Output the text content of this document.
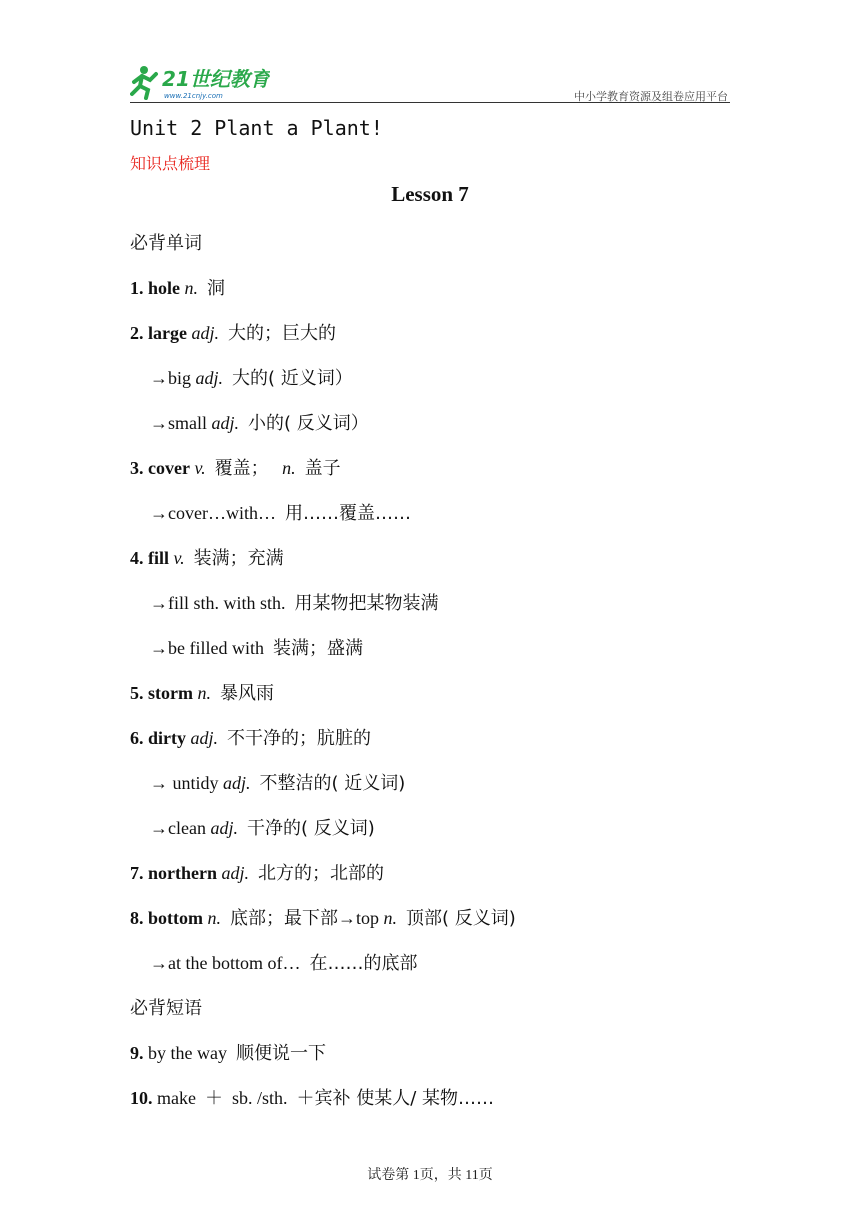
21世纪教育
www.21cnjy.com	中小学教育资源及组卷应用平台
Unit 2 Plant a Plant!
知识点梳理
Lesson 7
必背单词
1. hole n. 洞
2. large adj. 大的；巨大的
→big adj. 大的( 近义词）
→small adj. 小的( 反义词）
3. cover v. 覆盖； n. 盖子
→cover…with… 用……覆盖……
4. fill v. 装满；充满
→fill sth. with sth. 用某物把某物装满
→be filled with 装满；盛满
5. storm n. 暴风雨
6. dirty adj. 不干净的；肮脏的
→ untidy adj. 不整洁的( 近义词)
→clean adj. 干净的( 反义词)
7. northern adj. 北方的；北部的
8. bottom n. 底部；最下部→top n. 顶部( 反义词)
→at the bottom of… 在……的底部
必背短语
9. by the way 顺便说一下
10. make ＋ sb. /sth. ＋宾补 使某人/ 某物……
试卷第 1页，共 11页
